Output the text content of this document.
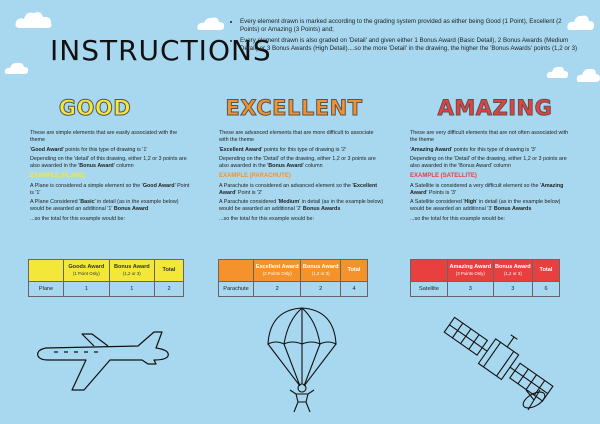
INSTRUCTIONS
• Every element drawn is marked according to the grading system provided as either being Good (1 Point), Excellent (2 Points) or Amazing (3 Points) and;
• Every element drawn is also graded on 'Detail' and given either 1 Bonus Award (Basic Detail), 2 Bonus Awards (Medium Detail) or 3 Bonus Awards (High Detail)....so the more 'Detail' in the drawing, the higher the 'Bonus Awards' points (1,2 or 3)
GOOD

These are simple elements that are easily associated with the theme

'Good Award' points for this type of drawing is '1'

Depending on the 'detail' of this drawing, either 1,2 or 3 points are also awarded in the 'Bonus Award' column

EXAMPLE (PLANE)

A Plane is considered a simple element so the 'Good Award' Point is '1'

A Plane Considered 'Basic' in detail (as in the example below) would be awarded an additional '1' Bonus Award

...so the total for this example would be:

	Goods Award
(1 Point Only)	Bonus Award
(1,2 or 3)	Total
Plane	1	1	2
EXCELLENT

These are advanced elements that are more difficult to associate with the theme

'Excellent Award' points for this type of drawing is '2'

Depending on the 'Detail' of the drawing, either 1,2 or 3 points are also awarded in the 'Bonus Award' column

EXAMPLE (PARACHUTE)

A Parachute is considered an advanced element so the 'Excellent Award' Point is '2'

A Parachute considered 'Medium' in detail (as in the example below) would be awarded an additional '2' Bonus Awards

...so the total for this example would be:

	Excellent Award
(2 Points Only)	Bonus Award
(1,2 or 3)	Total
Parachute	2	2	4
AMAZING

These are very difficult elements that are not often associated with the theme

'Amazing Award' points for this type of drawing is '3'

Depending on the 'Detail' of the drawing, either 1,2 or 3 points are also awarded in the 'Bonus Award' column

EXAMPLE (SATELLITE)

A Satellite is considered a very difficult element so the 'Amazing Award' Points is '3'

A Satellite considered 'High' in detail (as in the example below) would be awarded an additional '3' Bonus Awards

...so the total for this example would be:

	Amazing Award
(3 Points Only)	Bonus Award
(1,2 or 3)	Total
Satellite	3	3	6
